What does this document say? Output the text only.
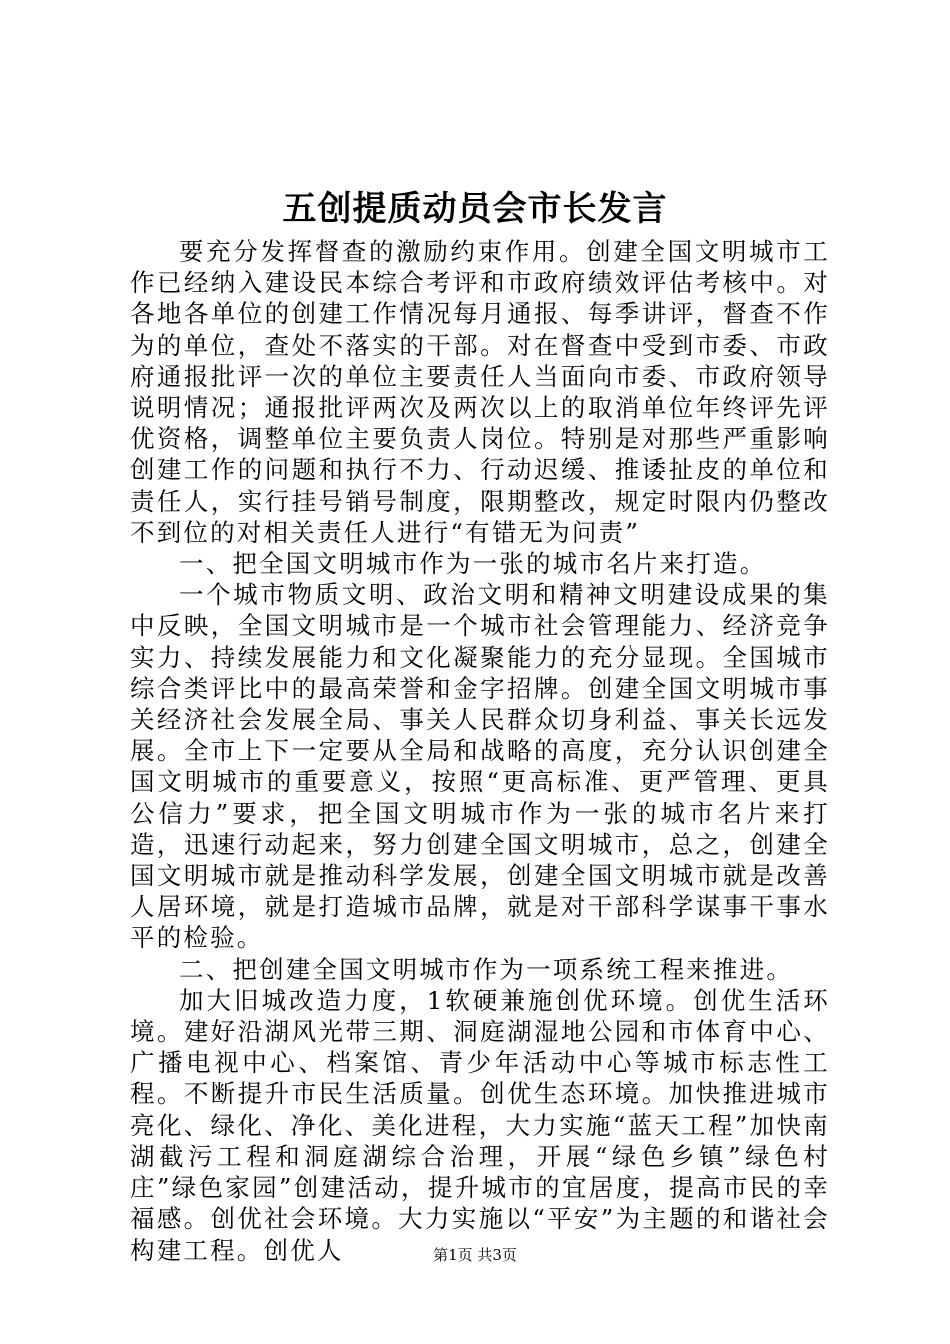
五创提质动员会市长发言

要充分发挥督查的激励约束作用。创建全国文明城市工作已经纳入建设民本综合考评和市政府绩效评估考核中。对各地各单位的创建工作情况每月通报、每季讲评，督查不作为的单位，查处不落实的干部。对在督查中受到市委、市政府通报批评一次的单位主要责任人当面向市委、市政府领导说明情况；通报批评两次及两次以上的取消单位年终评先评优资格，调整单位主要负责人岗位。特别是对那些严重影响创建工作的问题和执行不力、行动迟缓、推诿扯皮的单位和责任人，实行挂号销号制度，限期整改，规定时限内仍整改不到位的对相关责任人进行“有错无为问责”

一、把全国文明城市作为一张的城市名片来打造。

一个城市物质文明、政治文明和精神文明建设成果的集中反映，全国文明城市是一个城市社会管理能力、经济竞争实力、持续发展能力和文化凝聚能力的充分显现。全国城市综合类评比中的最高荣誉和金字招牌。创建全国文明城市事关经济社会发展全局、事关人民群众切身利益、事关长远发展。全市上下一定要从全局和战略的高度，充分认识创建全国文明城市的重要意义，按照“更高标准、更严管理、更具公信力”要求，把全国文明城市作为一张的城市名片来打造，迅速行动起来，努力创建全国文明城市，总之，创建全国文明城市就是推动科学发展，创建全国文明城市就是改善人居环境，就是打造城市品牌，就是对干部科学谋事干事水平的检验。

二、把创建全国文明城市作为一项系统工程来推进。

加大旧城改造力度，1软硬兼施创优环境。创优生活环境。建好沿湖风光带三期、洞庭湖湿地公园和市体育中心、广播电视中心、档案馆、青少年活动中心等城市标志性工程。不断提升市民生活质量。创优生态环境。加快推进城市亮化、绿化、净化、美化进程，大力实施“蓝天工程”加快南湖截污工程和洞庭湖综合治理，开展“绿色乡镇”绿色村庄”绿色家园”创建活动，提升城市的宜居度，提高市民的幸福感。创优社会环境。大力实施以“平安”为主题的和谐社会构建工程。创优人	第1页 共3页
